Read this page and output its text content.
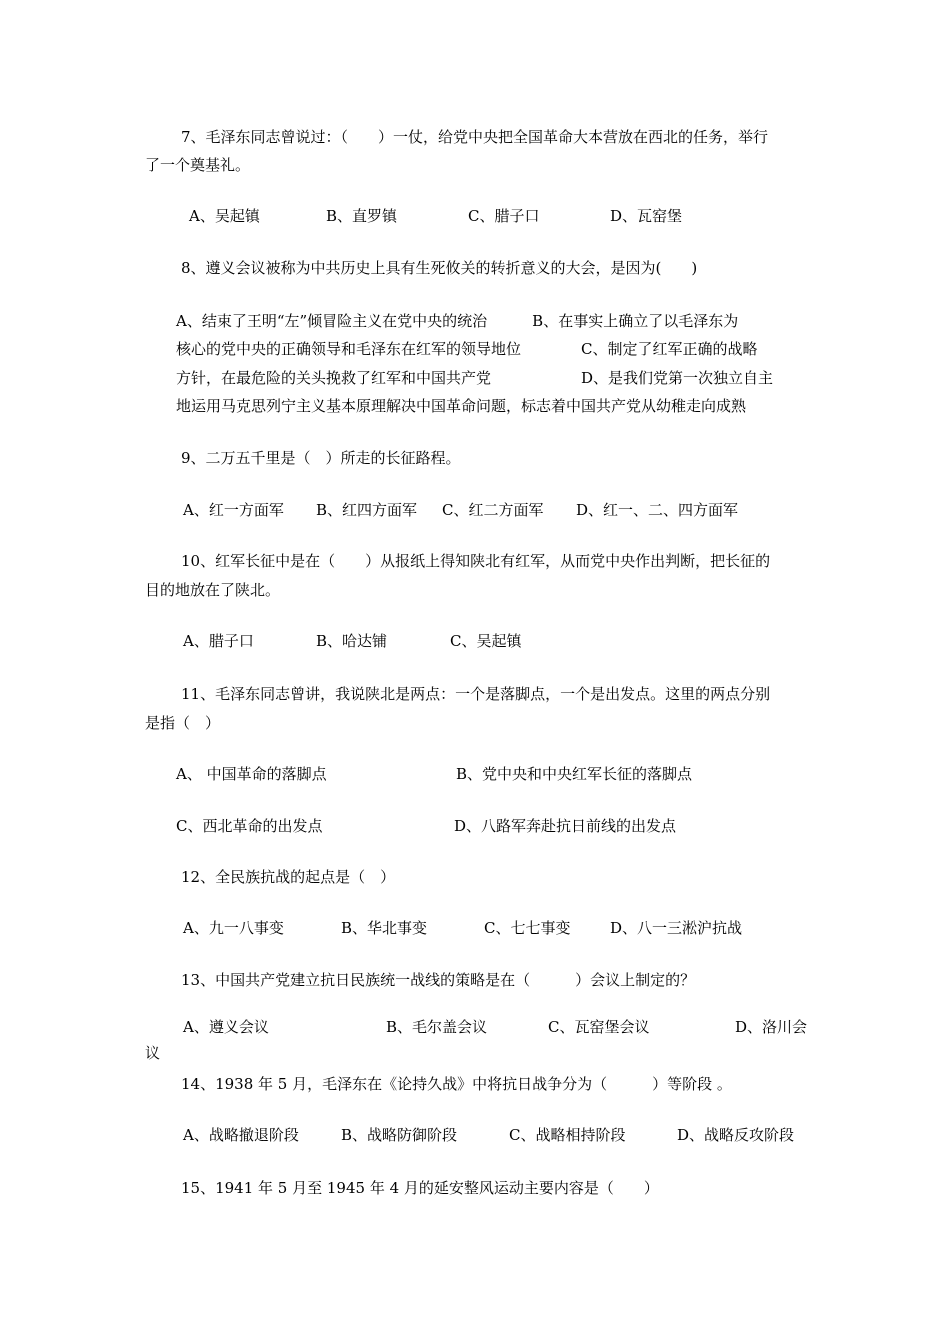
7、毛泽东同志曾说过：（　　）一仗，给党中央把全国革命大本营放在西北的任务，举行
了一个奠基礼。
A、吴起镇	B、直罗镇	C、腊子口	D、瓦窑堡
8、遵义会议被称为中共历史上具有生死攸关的转折意义的大会，是因为(　　)
A、结束了王明“左”倾冒险主义在党中央的统治　　　B、在事实上确立了以毛泽东为
核心的党中央的正确领导和毛泽东在红军的领导地位　　　　C、制定了红军正确的战略
方针，在最危险的关头挽救了红军和中国共产党　　　　　　D、是我们党第一次独立自主
地运用马克思列宁主义基本原理解决中国革命问题，标志着中国共产党从幼稚走向成熟
9、二万五千里是（　）所走的长征路程。
A、红一方面军 B、红四方面军 C、红二方面军 D、红一、二、四方面军
10、红军长征中是在（　　）从报纸上得知陕北有红军，从而党中央作出判断，把长征的
目的地放在了陕北。
A、腊子口	B、哈达铺	C、吴起镇
11、毛泽东同志曾讲，我说陕北是两点：一个是落脚点，一个是出发点。这里的两点分别
是指（　）
A、 中国革命的落脚点	B、党中央和中央红军长征的落脚点
C、西北革命的出发点	D、八路军奔赴抗日前线的出发点
12、全民族抗战的起点是（　）
A、九一八事变	B、华北事变	C、七七事变	D、八一三淞沪抗战
13、中国共产党建立抗日民族统一战线的策略是在（　　　）会议上制定的？
A、遵义会议	B、毛尔盖会议	C、瓦窑堡会议	D、洛川会
议
14、1938 年 5 月，毛泽东在《论持久战》中将抗日战争分为（　　　）等阶段 。
A、战略撤退阶段	B、战略防御阶段	C、战略相持阶段	D、战略反攻阶段
15、1941 年 5 月至 1945 年 4 月的延安整风运动主要内容是（　　）
